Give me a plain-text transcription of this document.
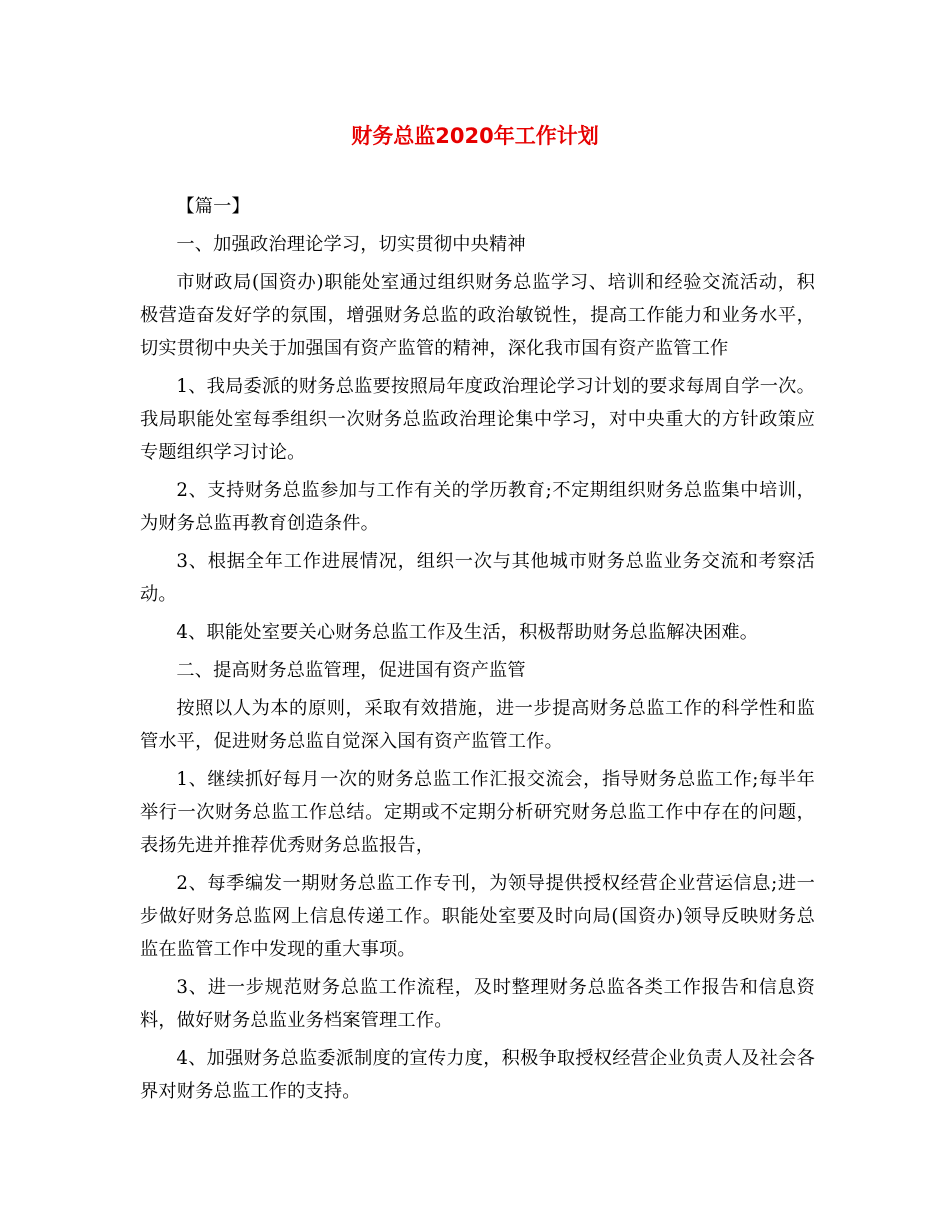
财务总监2020年工作计划

【篇一】

一、加强政治理论学习，切实贯彻中央精神

市财政局(国资办)职能处室通过组织财务总监学习、培训和经验交流活动，积极营造奋发好学的氛围，增强财务总监的政治敏锐性，提高工作能力和业务水平，切实贯彻中央关于加强国有资产监管的精神，深化我市国有资产监管工作

1、我局委派的财务总监要按照局年度政治理论学习计划的要求每周自学一次。我局职能处室每季组织一次财务总监政治理论集中学习，对中央重大的方针政策应专题组织学习讨论。

2、支持财务总监参加与工作有关的学历教育;不定期组织财务总监集中培训，为财务总监再教育创造条件。

3、根据全年工作进展情况，组织一次与其他城市财务总监业务交流和考察活动。

4、职能处室要关心财务总监工作及生活，积极帮助财务总监解决困难。

二、提高财务总监管理，促进国有资产监管

按照以人为本的原则，采取有效措施，进一步提高财务总监工作的科学性和监管水平，促进财务总监自觉深入国有资产监管工作。

1、继续抓好每月一次的财务总监工作汇报交流会，指导财务总监工作;每半年举行一次财务总监工作总结。定期或不定期分析研究财务总监工作中存在的问题，表扬先进并推荐优秀财务总监报告，

2、每季编发一期财务总监工作专刊，为领导提供授权经营企业营运信息;进一步做好财务总监网上信息传递工作。职能处室要及时向局(国资办)领导反映财务总监在监管工作中发现的重大事项。

3、进一步规范财务总监工作流程，及时整理财务总监各类工作报告和信息资料，做好财务总监业务档案管理工作。

4、加强财务总监委派制度的宣传力度，积极争取授权经营企业负责人及社会各界对财务总监工作的支持。
